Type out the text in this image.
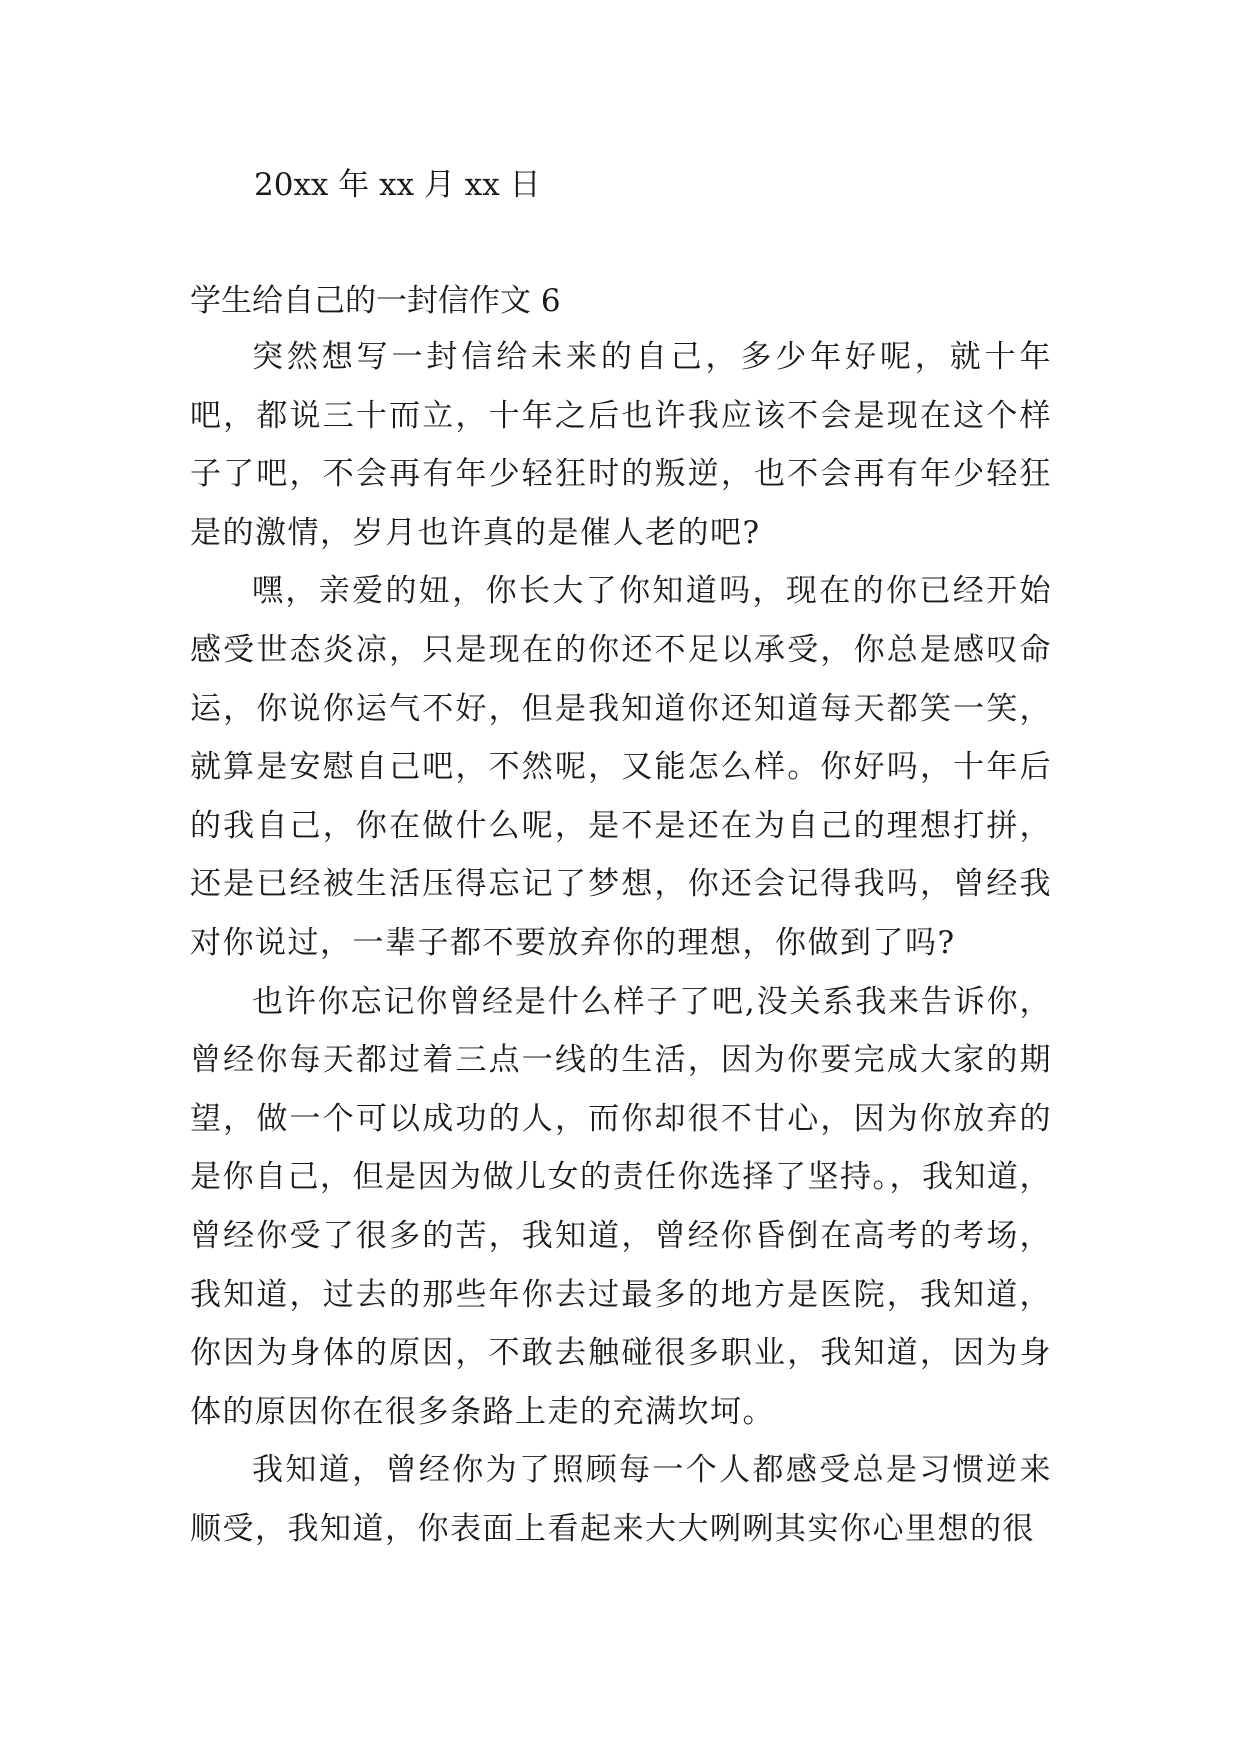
20xx 年 xx 月 xx 日
学生给自己的一封信作文 6

突然想写一封信给未来的自己，多少年好呢，就十年吧，都说三十而立，十年之后也许我应该不会是现在这个样子了吧，不会再有年少轻狂时的叛逆，也不会再有年少轻狂是的激情，岁月也许真的是催人老的吧?

嘿，亲爱的妞，你长大了你知道吗，现在的你已经开始感受世态炎凉，只是现在的你还不足以承受，你总是感叹命运，你说你运气不好，但是我知道你还知道每天都笑一笑，就算是安慰自己吧，不然呢，又能怎么样。你好吗，十年后的我自己，你在做什么呢，是不是还在为自己的理想打拼，还是已经被生活压得忘记了梦想，你还会记得我吗，曾经我对你说过，一辈子都不要放弃你的理想，你做到了吗?

也许你忘记你曾经是什么样子了吧,没关系我来告诉你，曾经你每天都过着三点一线的生活，因为你要完成大家的期望，做一个可以成功的人，而你却很不甘心，因为你放弃的是你自己，但是因为做儿女的责任你选择了坚持。，我知道，曾经你受了很多的苦，我知道，曾经你昏倒在高考的考场，我知道，过去的那些年你去过最多的地方是医院，我知道，你因为身体的原因，不敢去触碰很多职业，我知道，因为身体的原因你在很多条路上走的充满坎坷。

我知道，曾经你为了照顾每一个人都感受总是习惯逆来顺受，我知道，你表面上看起来大大咧咧其实你心里想的很
